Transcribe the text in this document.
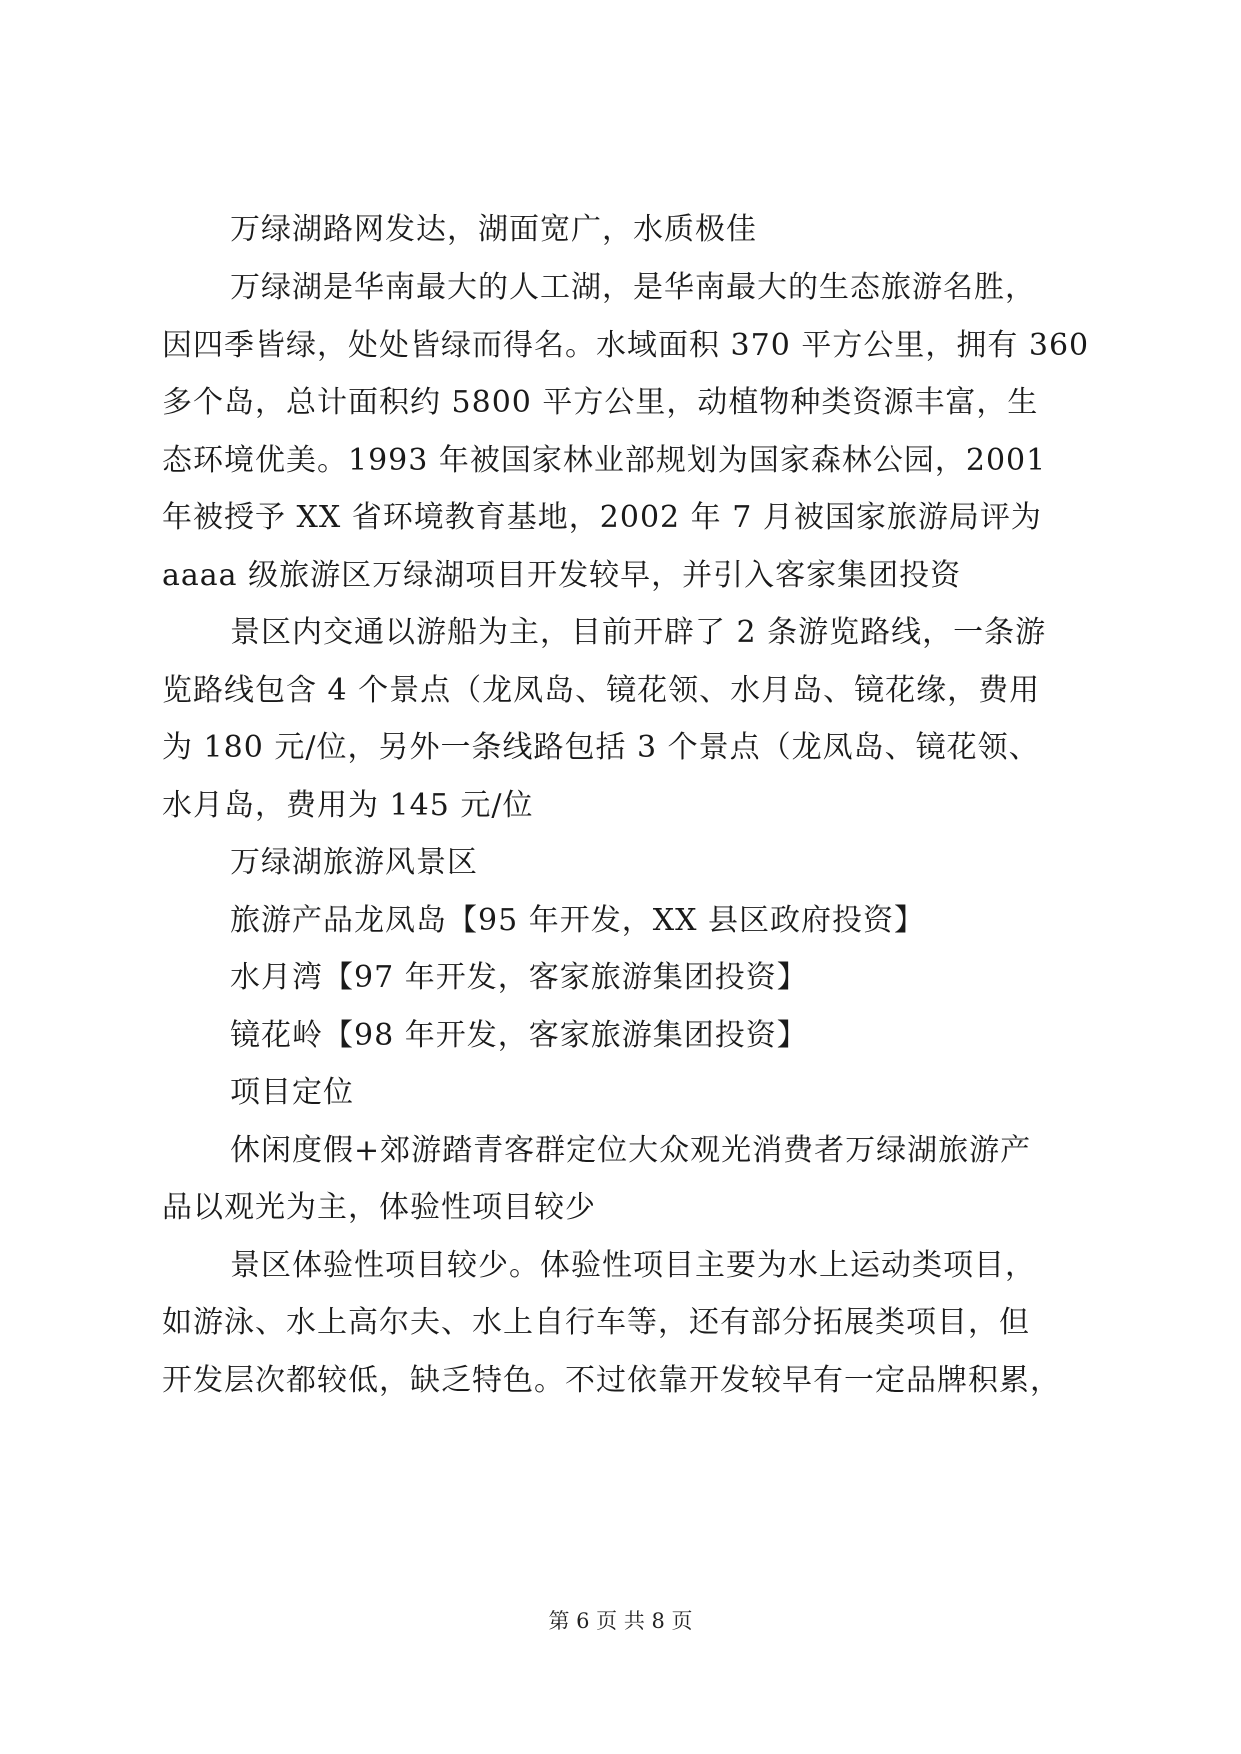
万绿湖路网发达，湖面宽广，水质极佳
万绿湖是华南最大的人工湖，是华南最大的生态旅游名胜，
因四季皆绿，处处皆绿而得名。水域面积 370 平方公里，拥有 360
多个岛，总计面积约 5800 平方公里，动植物种类资源丰富，生
态环境优美。1993 年被国家林业部规划为国家森林公园，2001
年被授予 XX 省环境教育基地，2002 年 7 月被国家旅游局评为
aaaa 级旅游区万绿湖项目开发较早，并引入客家集团投资
景区内交通以游船为主，目前开辟了 2 条游览路线，一条游
览路线包含 4 个景点（龙凤岛、镜花领、水月岛、镜花缘，费用
为 180 元/位，另外一条线路包括 3 个景点（龙凤岛、镜花领、
水月岛，费用为 145 元/位
万绿湖旅游风景区
旅游产品龙凤岛【95 年开发，XX 县区政府投资】
水月湾【97 年开发，客家旅游集团投资】
镜花岭【98 年开发，客家旅游集团投资】
项目定位
休闲度假+郊游踏青客群定位大众观光消费者万绿湖旅游产
品以观光为主，体验性项目较少
景区体验性项目较少。体验性项目主要为水上运动类项目，
如游泳、水上高尔夫、水上自行车等，还有部分拓展类项目，但
开发层次都较低，缺乏特色。不过依靠开发较早有一定品牌积累，
第 6 页 共 8 页
